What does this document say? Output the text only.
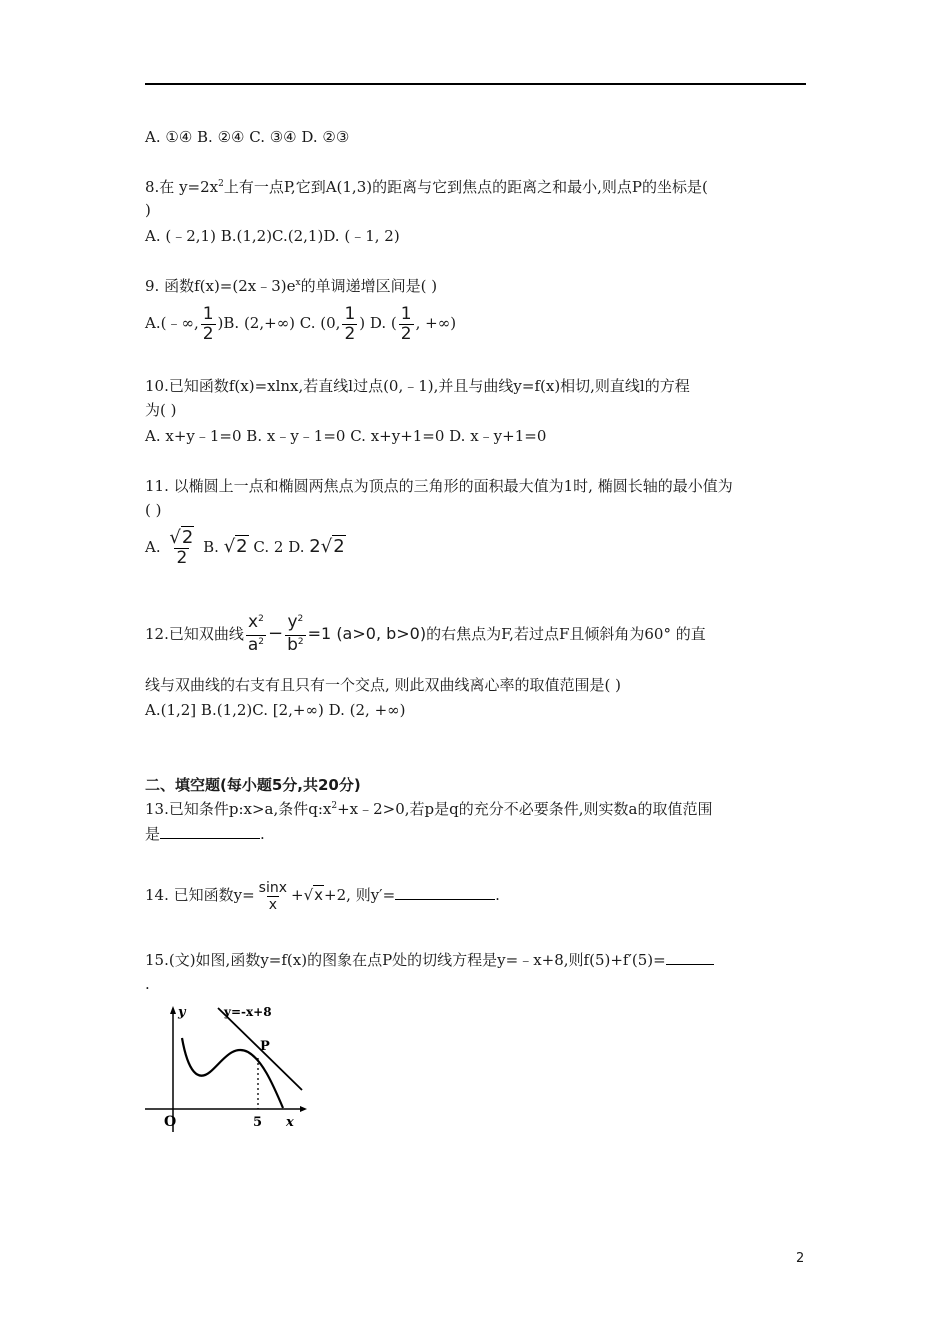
A. ①④ B. ②④ C. ③④ D. ②③
8.在 $y=2x^2$上有一点P,它到A(1,3)的距离与它到焦点的距离之和最小,则点P的坐标是(
)
A. (﹣2,1) B.(1,2)C.(2,1)D. (﹣1, 2)
9. 函数$f(x)=(2x﹣3)e^x$的单调递增区间是( )
A.(﹣∞, $\frac{1}{2} )B$. (2,+∞) C. (0, $\frac{1}{2}$ ) D. ( $\frac{1}{2}$ , +∞)
10.已知函数f(x)=xlnx,若直线l过点(0,﹣1),并且与曲线y=f(x)相切,则直线l的方程
为( )
A. x+y﹣1=0 B. x﹣y﹣1=0 C. x+y+1=0 D. x﹣y+1=0
11. 以椭圆上一点和椭圆两焦点为顶点的三角形的面积最大值为1时, 椭圆长轴的最小值为
( )
A. $\frac{√2}{2} B$. √2 C. 2 D. 2√2
12.已知双曲线 $\frac{x^2}{a^2} - \frac{y^2}{b^2} =1$ (a>0, b>0)的右焦点为F,若过点F且倾斜角为60° 的直
线与双曲线的右支有且只有一个交点, 则此双曲线离心率的取值范围是( )
A.(1,2] B.(1,2)C. [2,+∞) D. (2, +∞)
二、填空题(每小题5分,共20分)
13.已知条件p:x>a,条件$q:x^2+x﹣2>0$,若p是q的充分不必要条件,则实数a的取值范围
是	.
14. 已知函数$y= \frac{\sin x}{x} +√x+2$, 则y′=	.
15.(文)如图,函数y=f(x)的图象在点P处的切线方程是y=﹣x+8,则f(5)+f′(5)=
.
O
y
x
5
P
y=-x+8
2
